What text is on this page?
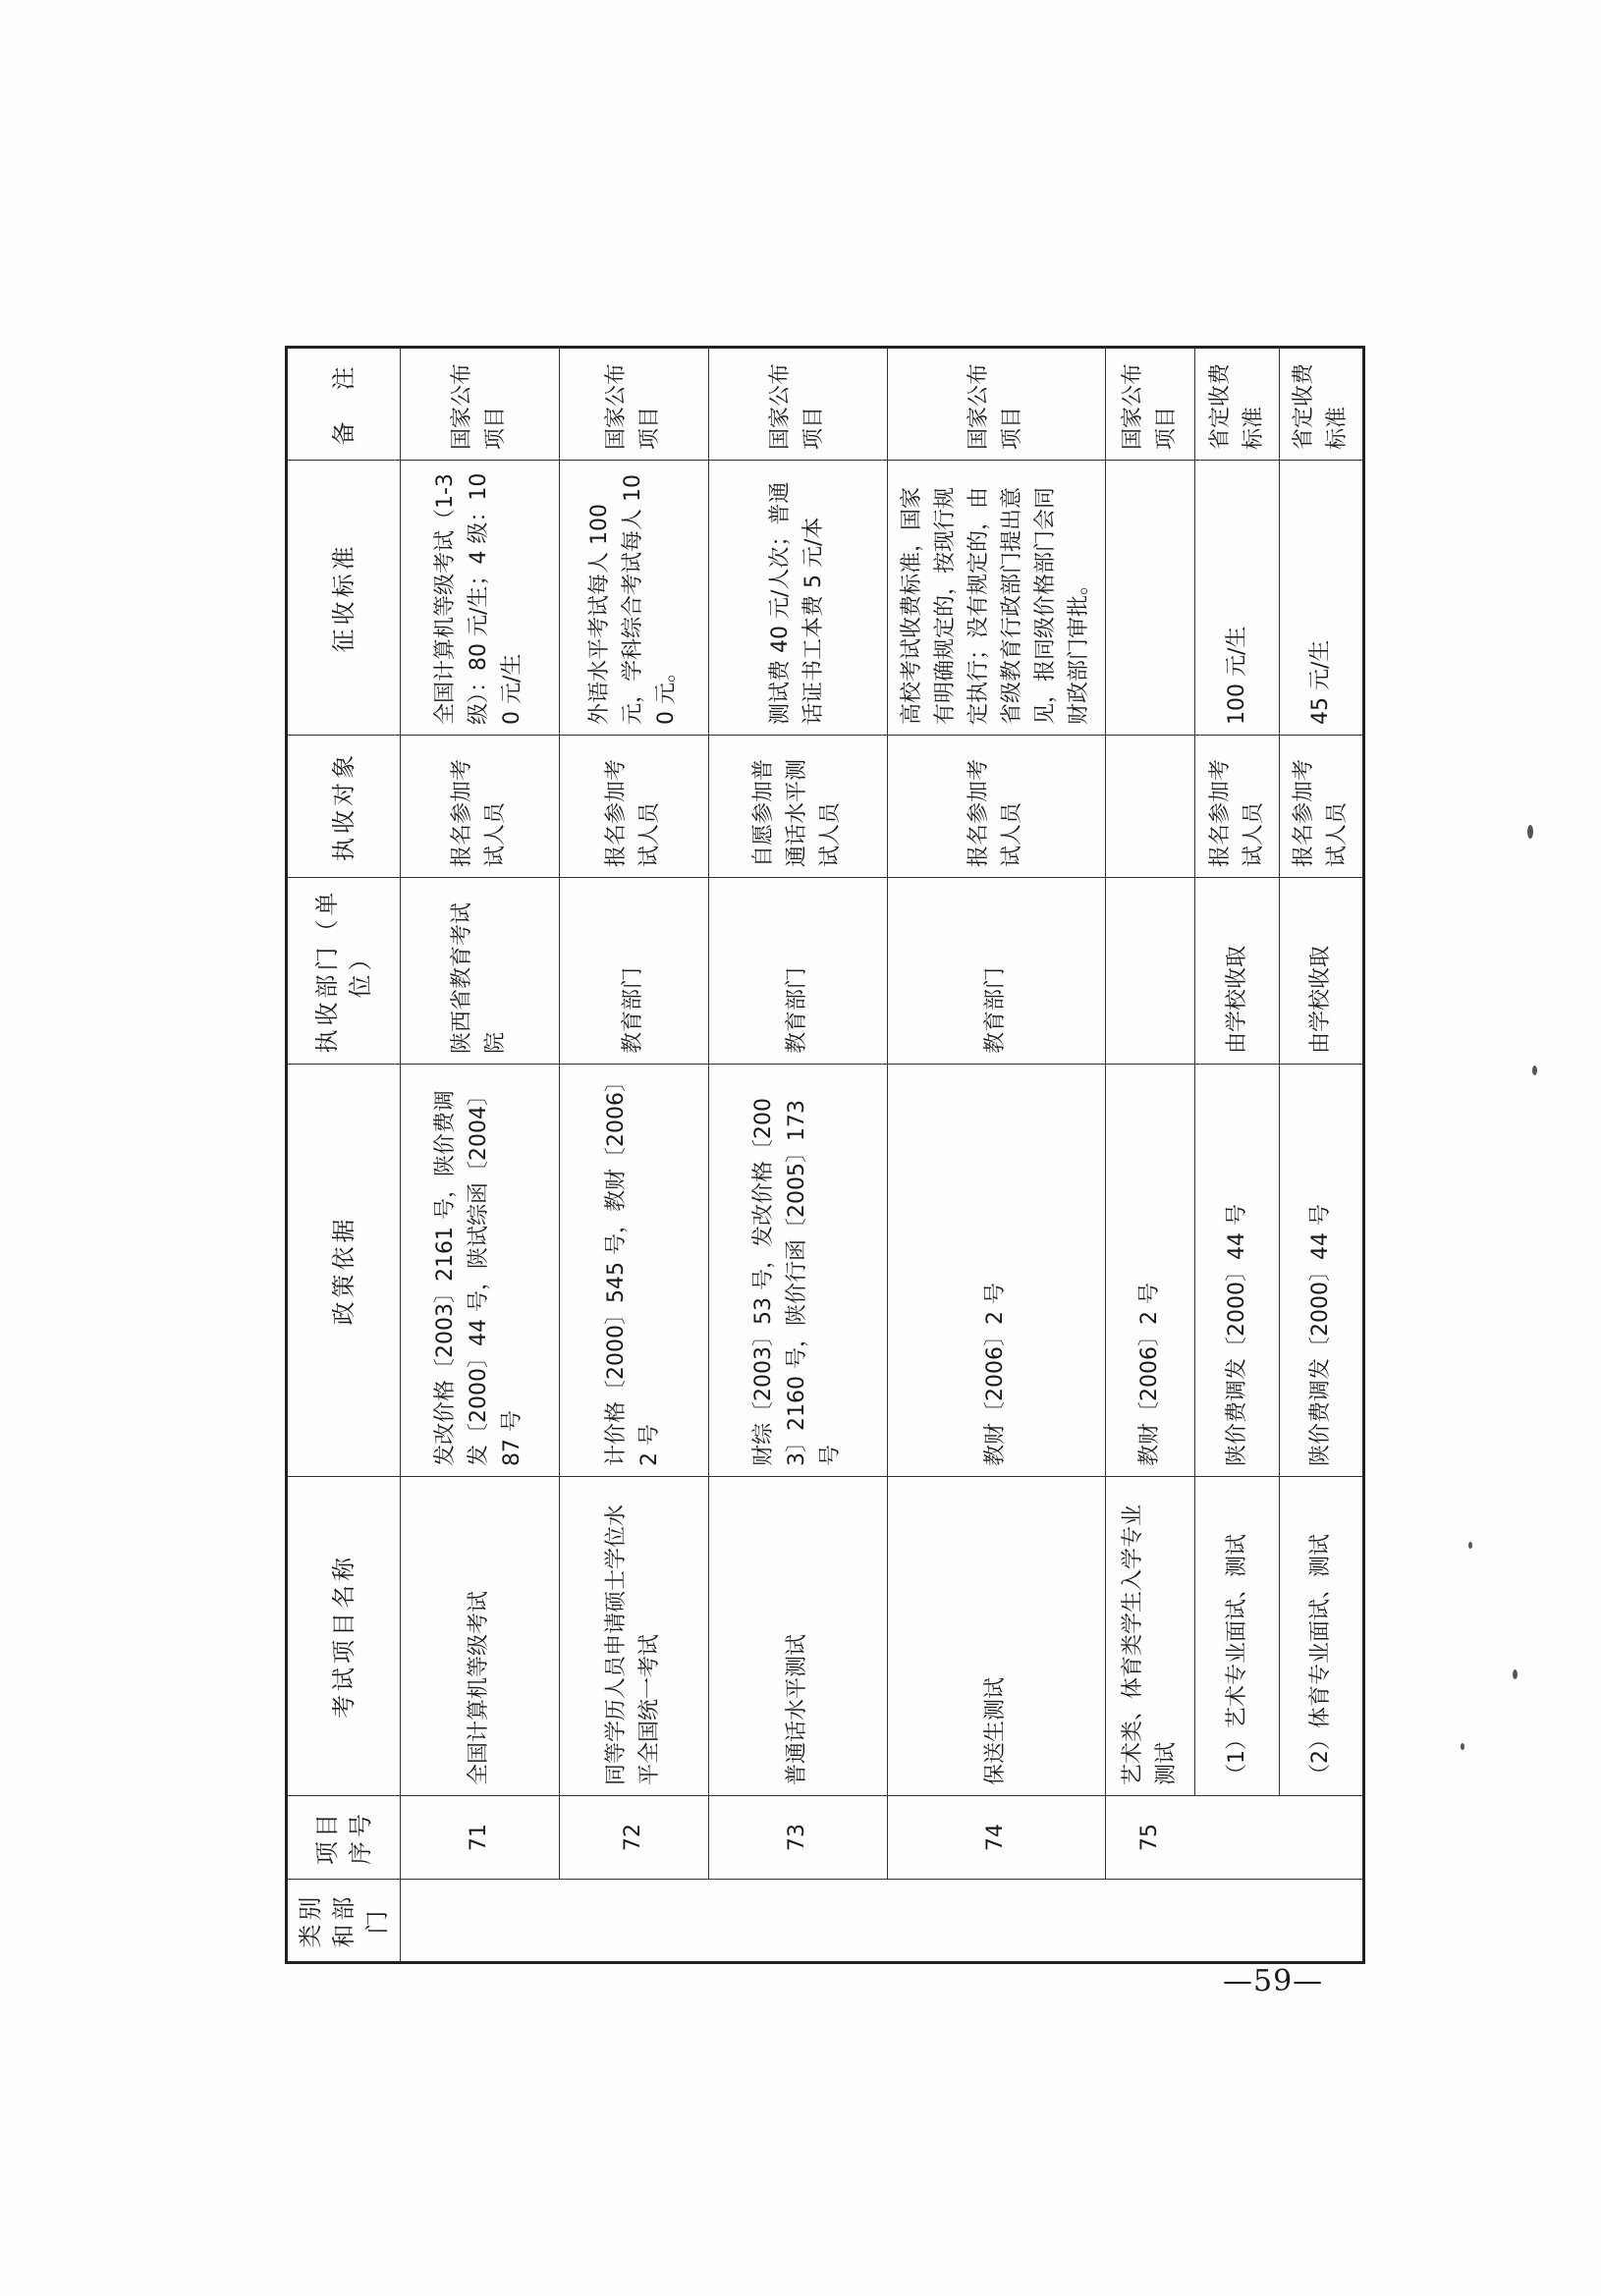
类别和部门	项目序号	考试项目名称	政策依据	执收部门（单位）	执收对象	征收标准	备　注
	71	全国计算机等级考试	发改价格〔2003〕2161 号，陕价费调发〔2000〕44 号，陕试综函〔2004〕87 号	陕西省教育考试院	报名参加考试人员	全国计算机等级考试（1-3 级）：80 元/生；4 级：100 元/生	国家公布项目
	72	同等学历人员申请硕士学位水平全国统一考试	计价格〔2000〕545 号，教财〔2006〕2 号	教育部门	报名参加考试人员	外语水平考试每人 100 元，学科综合考试每人 100 元。	国家公布项目
	73	普通话水平测试	财综〔2003〕53 号，发改价格〔2003〕2160 号，陕价行函〔2005〕173 号	教育部门	自愿参加普通话水平测试人员	测试费 40 元/人次；普通话证书工本费 5 元/本	国家公布项目
	74	保送生测试	教财〔2006〕2 号	教育部门	报名参加考试人员	高校考试收费标准，国家有明确规定的，按现行规定执行；没有规定的，由省级教育行政部门提出意见，报同级价格部门会同财政部门审批。	国家公布项目
	75	艺术类、体育类学生入学专业测试	教财〔2006〕2 号				国家公布项目
		（1）艺术专业面试、测试	陕价费调发〔2000〕44 号	由学校收取	报名参加考试人员	100 元/生	省定收费标准
		（2）体育专业面试、测试	陕价费调发〔2000〕44 号	由学校收取	报名参加考试人员	45 元/生	省定收费标准
—59—
